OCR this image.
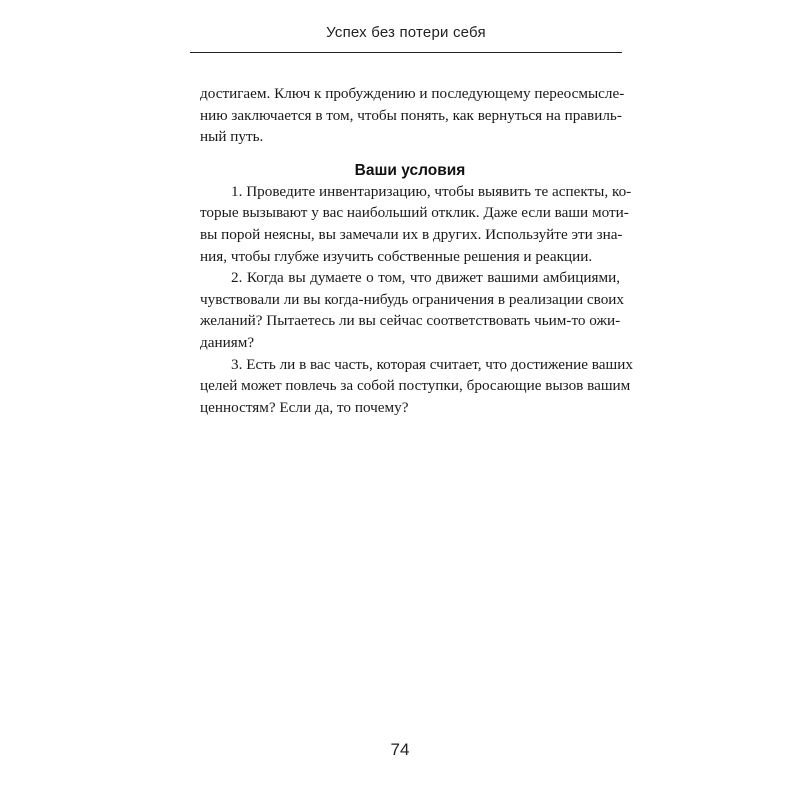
Успех без потери себя
достигаем. Ключ к пробуждению и последующему переосмысле-
нию заключается в том, чтобы понять, как вернуться на правиль-
ный путь.
Ваши условия
1. Проведите инвентаризацию, чтобы выявить те аспекты, ко-
торые вызывают у вас наибольший отклик. Даже если ваши моти-
вы порой неясны, вы замечали их в других. Используйте эти зна-
ния, чтобы глубже изучить собственные решения и реакции.
2. Когда вы думаете о том, что движет вашими амбициями,
чувствовали ли вы когда-нибудь ограничения в реализации своих
желаний? Пытаетесь ли вы сейчас соответствовать чьим-то ожи-
даниям?
3. Есть ли в вас часть, которая считает, что достижение ваших
целей может повлечь за собой поступки, бросающие вызов вашим
ценностям? Если да, то почему?
74
